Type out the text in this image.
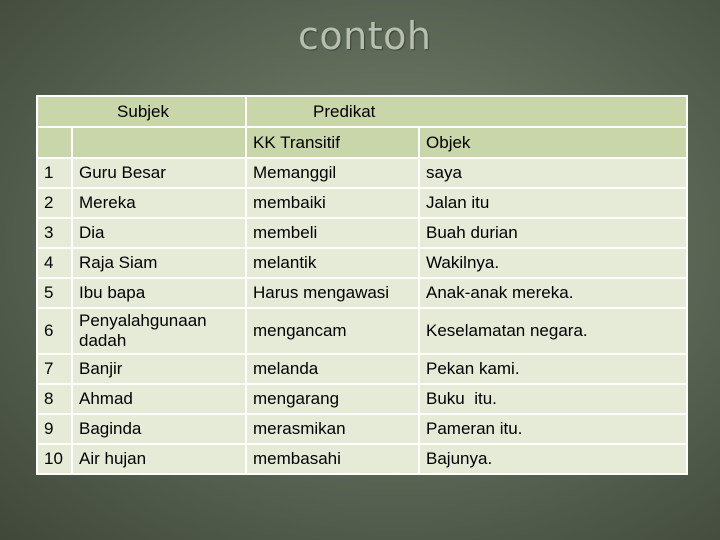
contoh
Subjek		Predikat	
		KK Transitif	Objek
1	Guru Besar	Memanggil	saya
2	Mereka	membaiki	Jalan itu
3	Dia	membeli	Buah durian
4	Raja Siam	melantik	Wakilnya.
5	Ibu bapa	Harus mengawasi	Anak-anak mereka.
6	Penyalahgunaan dadah	mengancam	Keselamatan negara.
7	Banjir	melanda	Pekan kami.
8	Ahmad	mengarang	Buku  itu.
9	Baginda	merasmikan	Pameran itu.
10	Air hujan	membasahi	Bajunya.
